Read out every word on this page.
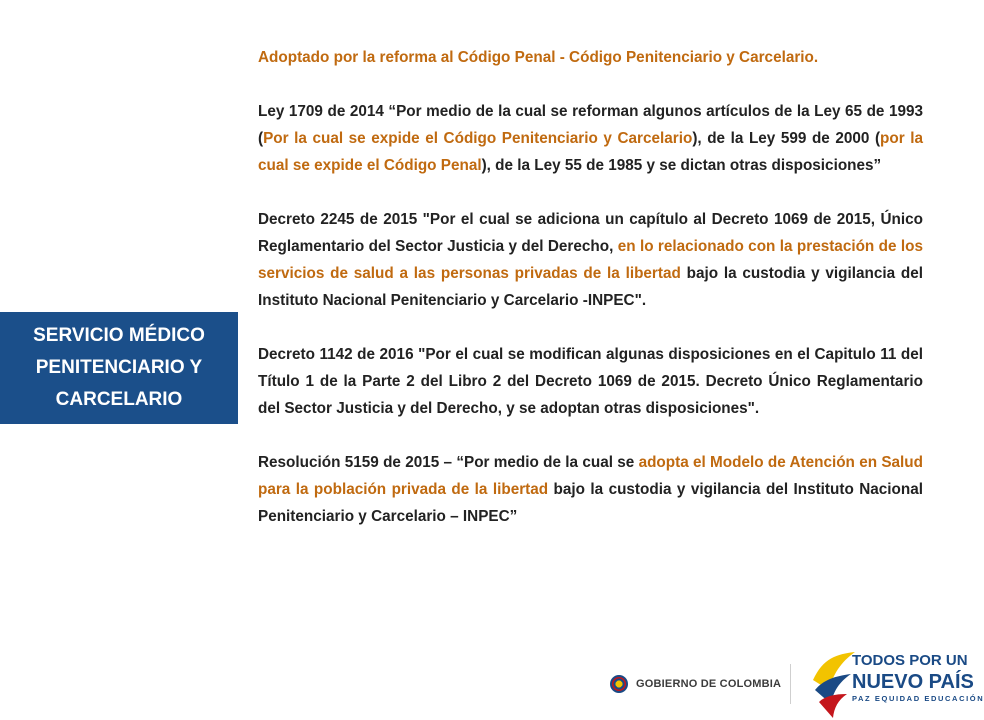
SERVICIO MÉDICO
PENITENCIARIO Y
CARCELARIO

Adoptado por la reforma al Código Penal - Código Penitenciario y Carcelario.

Ley 1709 de 2014 “Por medio de la cual se reforman algunos artículos de la Ley 65 de 1993 (Por la cual se expide el Código Penitenciario y Carcelario), de la Ley 599 de 2000 (por la cual se expide el Código Penal), de la Ley 55 de 1985 y se dictan otras disposiciones”

Decreto 2245 de 2015 "Por el cual se adiciona un capítulo al Decreto 1069 de 2015, Único Reglamentario del Sector Justicia y del Derecho, en lo relacionado con la prestación de los servicios de salud a las personas privadas de la libertad bajo la custodia y vigilancia del Instituto Nacional Penitenciario y Carcelario -INPEC".

Decreto 1142 de 2016 "Por el cual se modifican algunas disposiciones en el Capitulo 11 del Título 1 de la Parte 2 del Libro 2 del Decreto 1069 de 2015. Decreto Único Reglamentario del Sector Justicia y del Derecho, y se adoptan otras disposiciones".

Resolución 5159 de 2015 – “Por medio de la cual se adopta el Modelo de Atención en Salud para la población privada de la libertad bajo la custodia y vigilancia del Instituto Nacional Penitenciario y Carcelario – INPEC”

GOBIERNO DE COLOMBIA
TODOS POR UN
NUEVO PAÍS
PAZ EQUIDAD EDUCACIÓN
